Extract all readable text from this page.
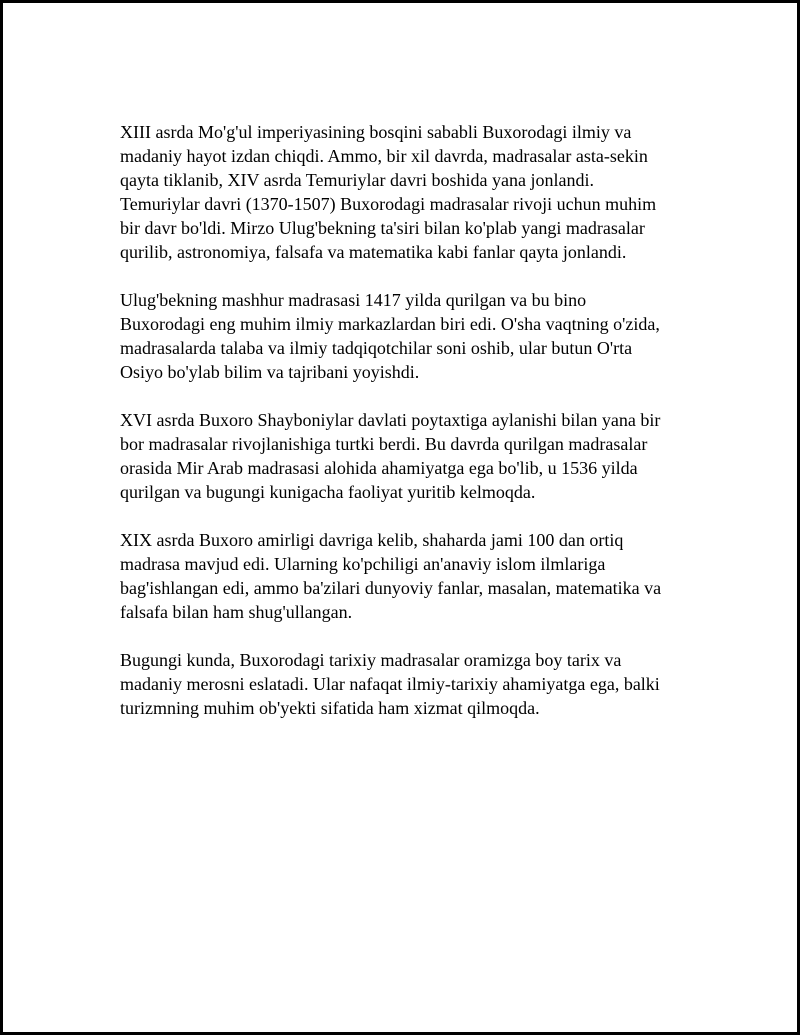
XIII asrda Mo'g'ul imperiyasining bosqini sababli Buxorodagi ilmiy va
madaniy hayot izdan chiqdi. Ammo, bir xil davrda, madrasalar asta-sekin
qayta tiklanib, XIV asrda Temuriylar davri boshida yana jonlandi.
Temuriylar davri (1370-1507) Buxorodagi madrasalar rivoji uchun muhim
bir davr bo'ldi. Mirzo Ulug'bekning ta'siri bilan ko'plab yangi madrasalar
qurilib, astronomiya, falsafa va matematika kabi fanlar qayta jonlandi.

Ulug'bekning mashhur madrasasi 1417 yilda qurilgan va bu bino
Buxorodagi eng muhim ilmiy markazlardan biri edi. O'sha vaqtning o'zida,
madrasalarda talaba va ilmiy tadqiqotchilar soni oshib, ular butun O'rta
Osiyo bo'ylab bilim va tajribani yoyishdi.

XVI asrda Buxoro Shayboniylar davlati poytaxtiga aylanishi bilan yana bir
bor madrasalar rivojlanishiga turtki berdi. Bu davrda qurilgan madrasalar
orasida Mir Arab madrasasi alohida ahamiyatga ega bo'lib, u 1536 yilda
qurilgan va bugungi kunigacha faoliyat yuritib kelmoqda.

XIX asrda Buxoro amirligi davriga kelib, shaharda jami 100 dan ortiq
madrasa mavjud edi. Ularning ko'pchiligi an'anaviy islom ilmlariga
bag'ishlangan edi, ammo ba'zilari dunyoviy fanlar, masalan, matematika va
falsafa bilan ham shug'ullangan.

Bugungi kunda, Buxorodagi tarixiy madrasalar oramizga boy tarix va
madaniy merosni eslatadi. Ular nafaqat ilmiy-tarixiy ahamiyatga ega, balki
turizmning muhim ob'yekti sifatida ham xizmat qilmoqda.
